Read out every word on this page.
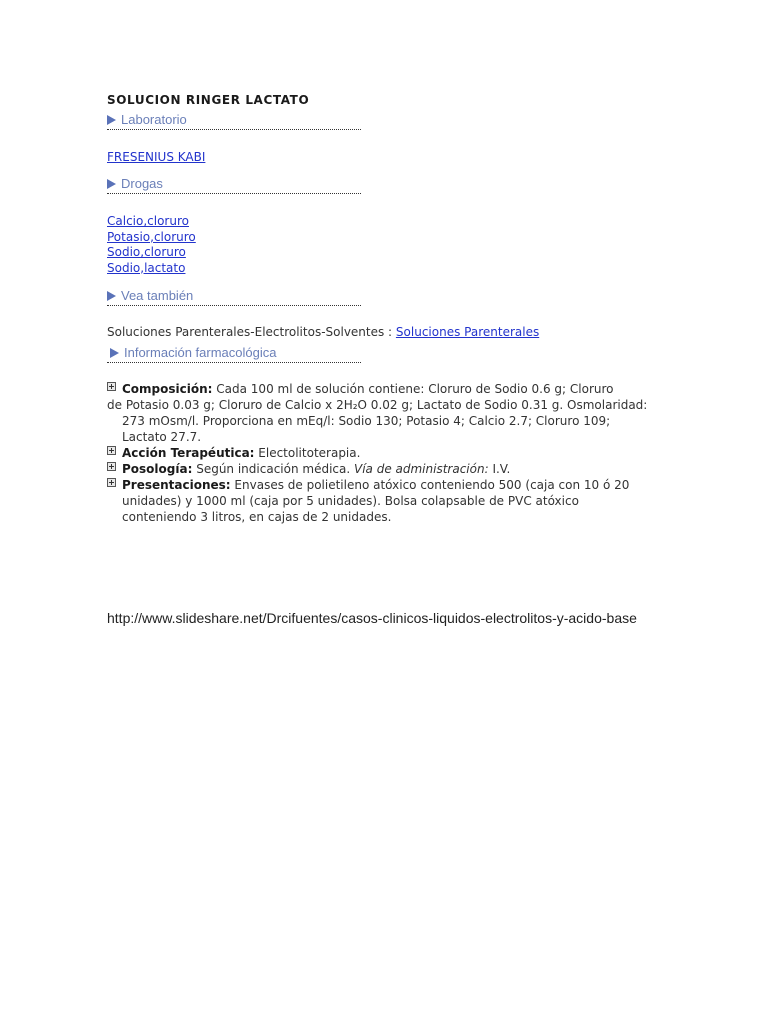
SOLUCION RINGER LACTATO
Laboratorio
FRESENIUS KABI
Drogas
Calcio,cloruro
Potasio,cloruro
Sodio,cloruro
Sodio,lactato
Vea también
Soluciones Parenterales-Electrolitos-Solventes : Soluciones Parenterales
Información farmacológica

Composición: Cada 100 ml de solución contiene: Cloruro de Sodio 0.6 g; Cloruro
de Potasio 0.03 g; Cloruro de Calcio x 2H₂O 0.02 g; Lactato de Sodio 0.31 g. Osmolaridad: 273 mOsm/l. Proporciona en mEq/l: Sodio 130; Potasio 4; Calcio 2.7; Cloruro 109; Lactato 27.7.

Acción Terapéutica: Electolitoterapia.

Posología: Según indicación médica. Vía de administración: I.V.

Presentaciones: Envases de polietileno atóxico conteniendo 500 (caja con 10 ó 20 unidades) y 1000 ml (caja por 5 unidades). Bolsa colapsable de PVC atóxico conteniendo 3 litros, en cajas de 2 unidades.

http://www.slideshare.net/Drcifuentes/casos-clinicos-liquidos-electrolitos-y-acido-base
